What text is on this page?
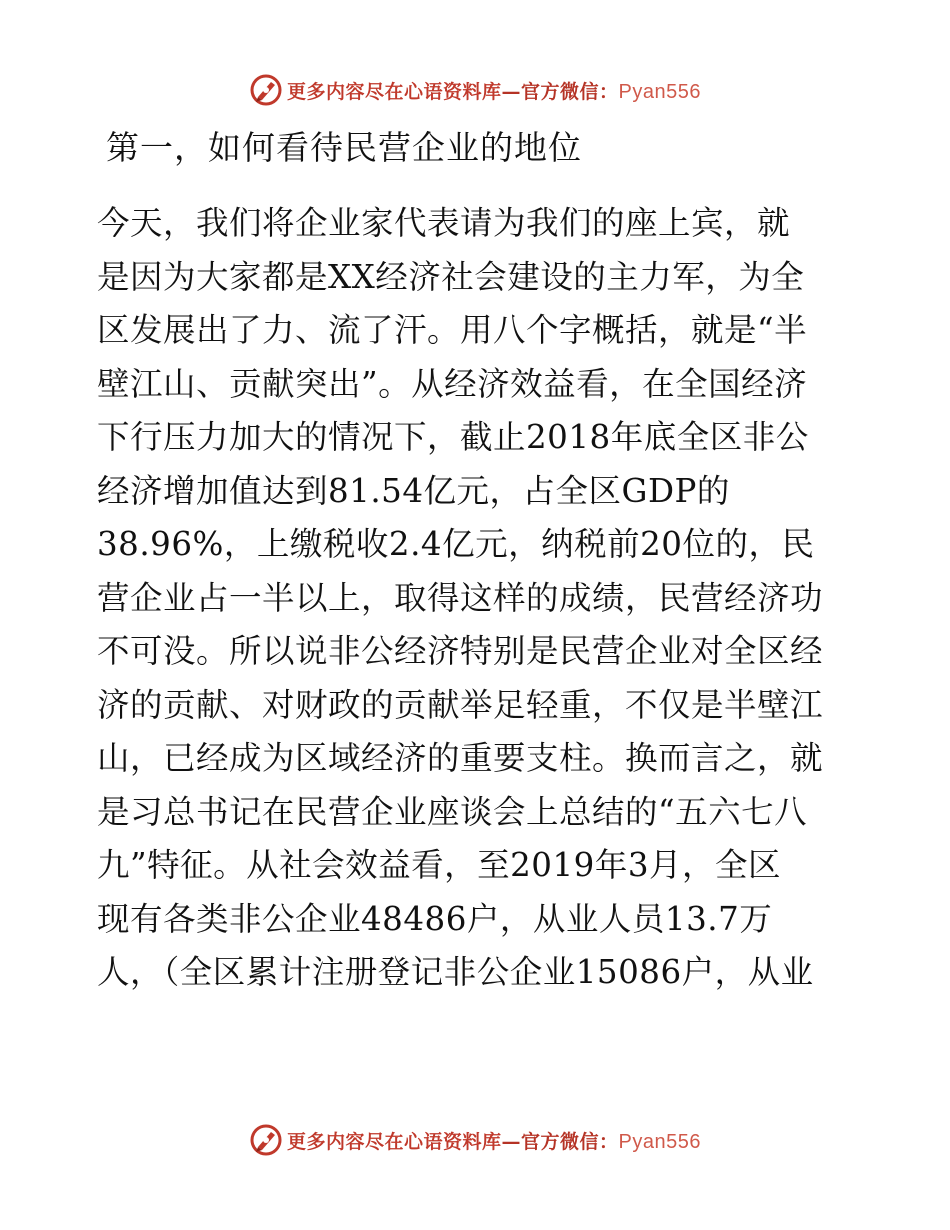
更多内容尽在心语资料库—官方微信：Pyan556
第一，如何看待民营企业的地位
今天，我们将企业家代表请为我们的座上宾，就
是因为大家都是XX经济社会建设的主力军，为全
区发展出了力、流了汗。用八个字概括，就是“半
壁江山、贡献突出”。从经济效益看，在全国经济
下行压力加大的情况下，截止2018年底全区非公
经济增加值达到81.54亿元，占全区GDP的
38.96%，上缴税收2.4亿元，纳税前20位的，民
营企业占一半以上，取得这样的成绩，民营经济功
不可没。所以说非公经济特别是民营企业对全区经
济的贡献、对财政的贡献举足轻重，不仅是半壁江
山，已经成为区域经济的重要支柱。换而言之，就
是习总书记在民营企业座谈会上总结的“五六七八
九”特征。从社会效益看，至2019年3月，全区
现有各类非公企业48486户，从业人员13.7万
人，（全区累计注册登记非公企业15086户，从业
更多内容尽在心语资料库—官方微信：Pyan556
